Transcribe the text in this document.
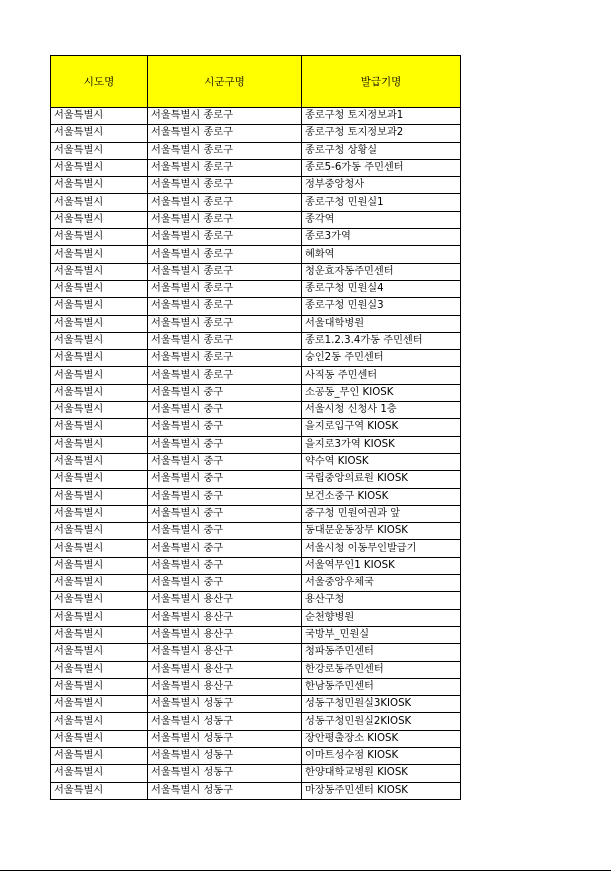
시도명	시군구명	발급기명
서울특별시	서울특별시 종로구	종로구청 토지정보과1
서울특별시	서울특별시 종로구	종로구청 토지정보과2
서울특별시	서울특별시 종로구	종로구청 상황실
서울특별시	서울특별시 종로구	종로5-6가동 주민센터
서울특별시	서울특별시 종로구	정부중앙청사
서울특별시	서울특별시 종로구	종로구청 민원실1
서울특별시	서울특별시 종로구	종각역
서울특별시	서울특별시 종로구	종로3가역
서울특별시	서울특별시 종로구	혜화역
서울특별시	서울특별시 종로구	청운효자동주민센터
서울특별시	서울특별시 종로구	종로구청 민원실4
서울특별시	서울특별시 종로구	종로구청 민원실3
서울특별시	서울특별시 종로구	서울대학병원
서울특별시	서울특별시 종로구	종로1.2.3.4가동 주민센터
서울특별시	서울특별시 종로구	숭인2동 주민센터
서울특별시	서울특별시 종로구	사직동 주민센터
서울특별시	서울특별시 중구	소공동_무인 KIOSK
서울특별시	서울특별시 중구	서울시청 신청사 1층
서울특별시	서울특별시 중구	을지로입구역 KIOSK
서울특별시	서울특별시 중구	을지로3가역 KIOSK
서울특별시	서울특별시 중구	약수역 KIOSK
서울특별시	서울특별시 중구	국립중앙의료원 KIOSK
서울특별시	서울특별시 중구	보건소중구 KIOSK
서울특별시	서울특별시 중구	중구청 민원여권과 앞
서울특별시	서울특별시 중구	동대문운동장무 KIOSK
서울특별시	서울특별시 중구	서울시청 이동무인발급기
서울특별시	서울특별시 중구	서울역무인1 KIOSK
서울특별시	서울특별시 중구	서울중앙우체국
서울특별시	서울특별시 용산구	용산구청
서울특별시	서울특별시 용산구	순천향병원
서울특별시	서울특별시 용산구	국방부_민원실
서울특별시	서울특별시 용산구	청파동주민센터
서울특별시	서울특별시 용산구	한강로동주민센터
서울특별시	서울특별시 용산구	한남동주민센터
서울특별시	서울특별시 성동구	성동구청민원실3KIOSK
서울특별시	서울특별시 성동구	성동구청민원실2KIOSK
서울특별시	서울특별시 성동구	장안평출장소 KIOSK
서울특별시	서울특별시 성동구	이마트성수점 KIOSK
서울특별시	서울특별시 성동구	한양대학교병원 KIOSK
서울특별시	서울특별시 성동구	마장동주민센터 KIOSK
